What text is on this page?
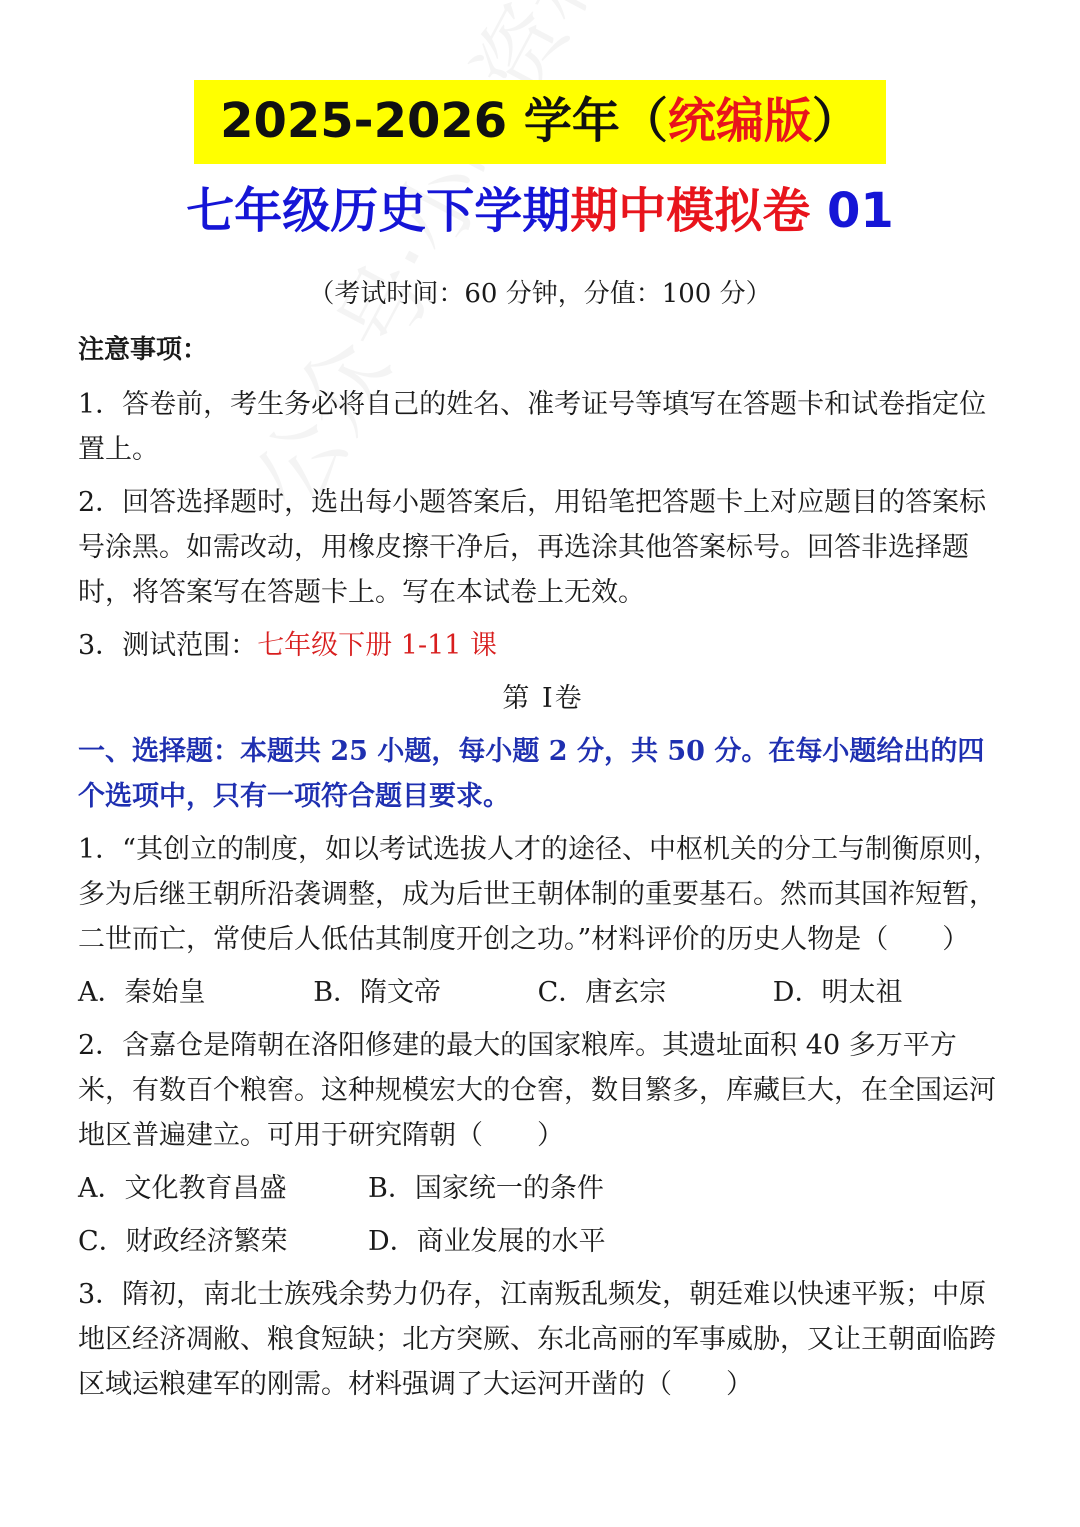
2025-2026 学年（统编版）
七年级历史下学期期中模拟卷 01
（考试时间：60 分钟，分值：100 分）
注意事项：
1．答卷前，考生务必将自己的姓名、准考证号等填写在答题卡和试卷指定位置上。
2．回答选择题时，选出每小题答案后，用铅笔把答题卡上对应题目的答案标号涂黑。如需改动，用橡皮擦干净后，再选涂其他答案标号。回答非选择题时，将答案写在答题卡上。写在本试卷上无效。
3．测试范围：七年级下册 1-11 课
第 Ⅰ卷
一、选择题：本题共 25 小题，每小题 2 分，共 50 分。在每小题给出的四个选项中，只有一项符合题目要求。
1．“其创立的制度，如以考试选拔人才的途径、中枢机关的分工与制衡原则，多为后继王朝所沿袭调整，成为后世王朝体制的重要基石。然而其国祚短暂，二世而亡，常使后人低估其制度开创之功。”材料评价的历史人物是（　　）
A．秦始皇	B．隋文帝	C．唐玄宗	D．明太祖
2．含嘉仓是隋朝在洛阳修建的最大的国家粮库。其遗址面积 40 多万平方米，有数百个粮窖。这种规模宏大的仓窖，数目繁多，库藏巨大，在全国运河地区普遍建立。可用于研究隋朝（　　）
A．文化教育昌盛	B．国家统一的条件
C．财政经济繁荣	D．商业发展的水平
3．隋初，南北士族残余势力仍存，江南叛乱频发，朝廷难以快速平叛；中原地区经济凋敝、粮食短缺；北方突厥、东北高丽的军事威胁，又让王朝面临跨区域运粮建军的刚需。材料强调了大运河开凿的（　　）
